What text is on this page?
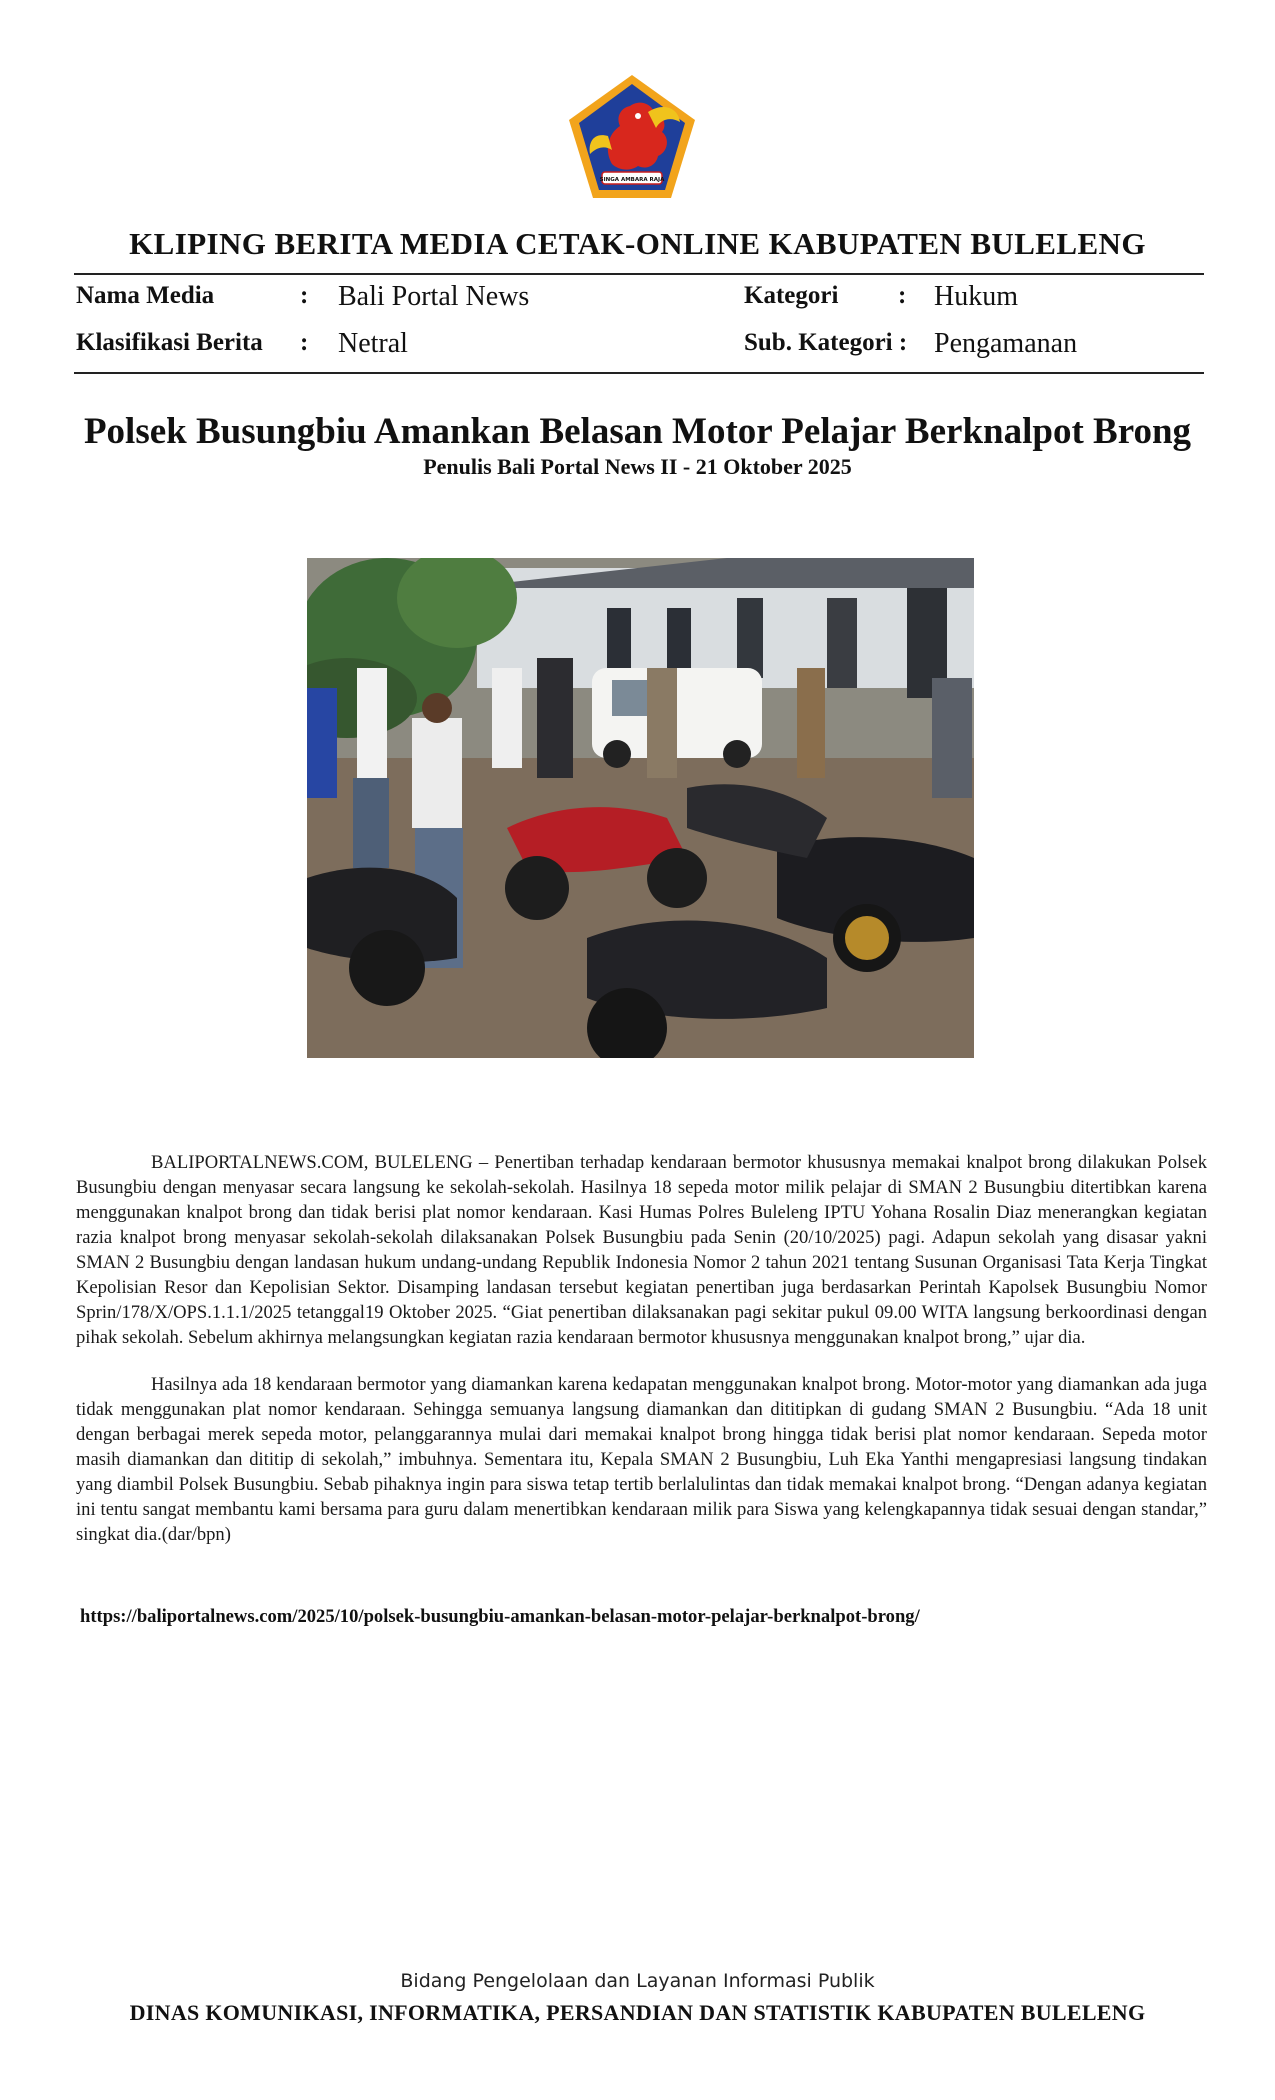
SINGA AMBARA RAJA
KLIPING BERITA MEDIA CETAK-ONLINE KABUPATEN BULELENG
Nama Media	: Bali Portal News	Kategori : Hukum
Klasifikasi Berita : Netral	Sub. Kategori : Pengamanan
Polsek Busungbiu Amankan Belasan Motor Pelajar Berknalpot Brong
Penulis Bali Portal News II - 21 Oktober 2025

BALIPORTALNEWS.COM, BULELENG – Penertiban terhadap kendaraan bermotor khususnya memakai knalpot brong dilakukan Polsek Busungbiu dengan menyasar secara langsung ke sekolah-sekolah. Hasilnya 18 sepeda motor milik pelajar di SMAN 2 Busungbiu ditertibkan karena menggunakan knalpot brong dan tidak berisi plat nomor kendaraan. Kasi Humas Polres Buleleng IPTU Yohana Rosalin Diaz menerangkan kegiatan razia knalpot brong menyasar sekolah-sekolah dilaksanakan Polsek Busungbiu pada Senin (20/10/2025) pagi. Adapun sekolah yang disasar yakni SMAN 2 Busungbiu dengan landasan hukum undang-undang Republik Indonesia Nomor 2 tahun 2021 tentang Susunan Organisasi Tata Kerja Tingkat Kepolisian Resor dan Kepolisian Sektor. Disamping landasan tersebut kegiatan penertiban juga berdasarkan Perintah Kapolsek Busungbiu Nomor Sprin/178/X/OPS.1.1.1/2025 tetanggal19 Oktober 2025. “Giat penertiban dilaksanakan pagi sekitar pukul 09.00 WITA langsung berkoordinasi dengan pihak sekolah. Sebelum akhirnya melangsungkan kegiatan razia kendaraan bermotor khususnya menggunakan knalpot brong,” ujar dia.

Hasilnya ada 18 kendaraan bermotor yang diamankan karena kedapatan menggunakan knalpot brong. Motor-motor yang diamankan ada juga tidak menggunakan plat nomor kendaraan. Sehingga semuanya langsung diamankan dan dititipkan di gudang SMAN 2 Busungbiu. “Ada 18 unit dengan berbagai merek sepeda motor, pelanggarannya mulai dari memakai knalpot brong hingga tidak berisi plat nomor kendaraan. Sepeda motor masih diamankan dan dititip di sekolah,” imbuhnya. Sementara itu, Kepala SMAN 2 Busungbiu, Luh Eka Yanthi mengapresiasi langsung tindakan yang diambil Polsek Busungbiu. Sebab pihaknya ingin para siswa tetap tertib berlalulintas dan tidak memakai knalpot brong. “Dengan adanya kegiatan ini tentu sangat membantu kami bersama para guru dalam menertibkan kendaraan milik para Siswa yang kelengkapannya tidak sesuai dengan standar,” singkat dia.(dar/bpn)

https://baliportalnews.com/2025/10/polsek-busungbiu-amankan-belasan-motor-pelajar-berknalpot-brong/
Bidang Pengelolaan dan Layanan Informasi Publik
DINAS KOMUNIKASI, INFORMATIKA, PERSANDIAN DAN STATISTIK KABUPATEN BULELENG
